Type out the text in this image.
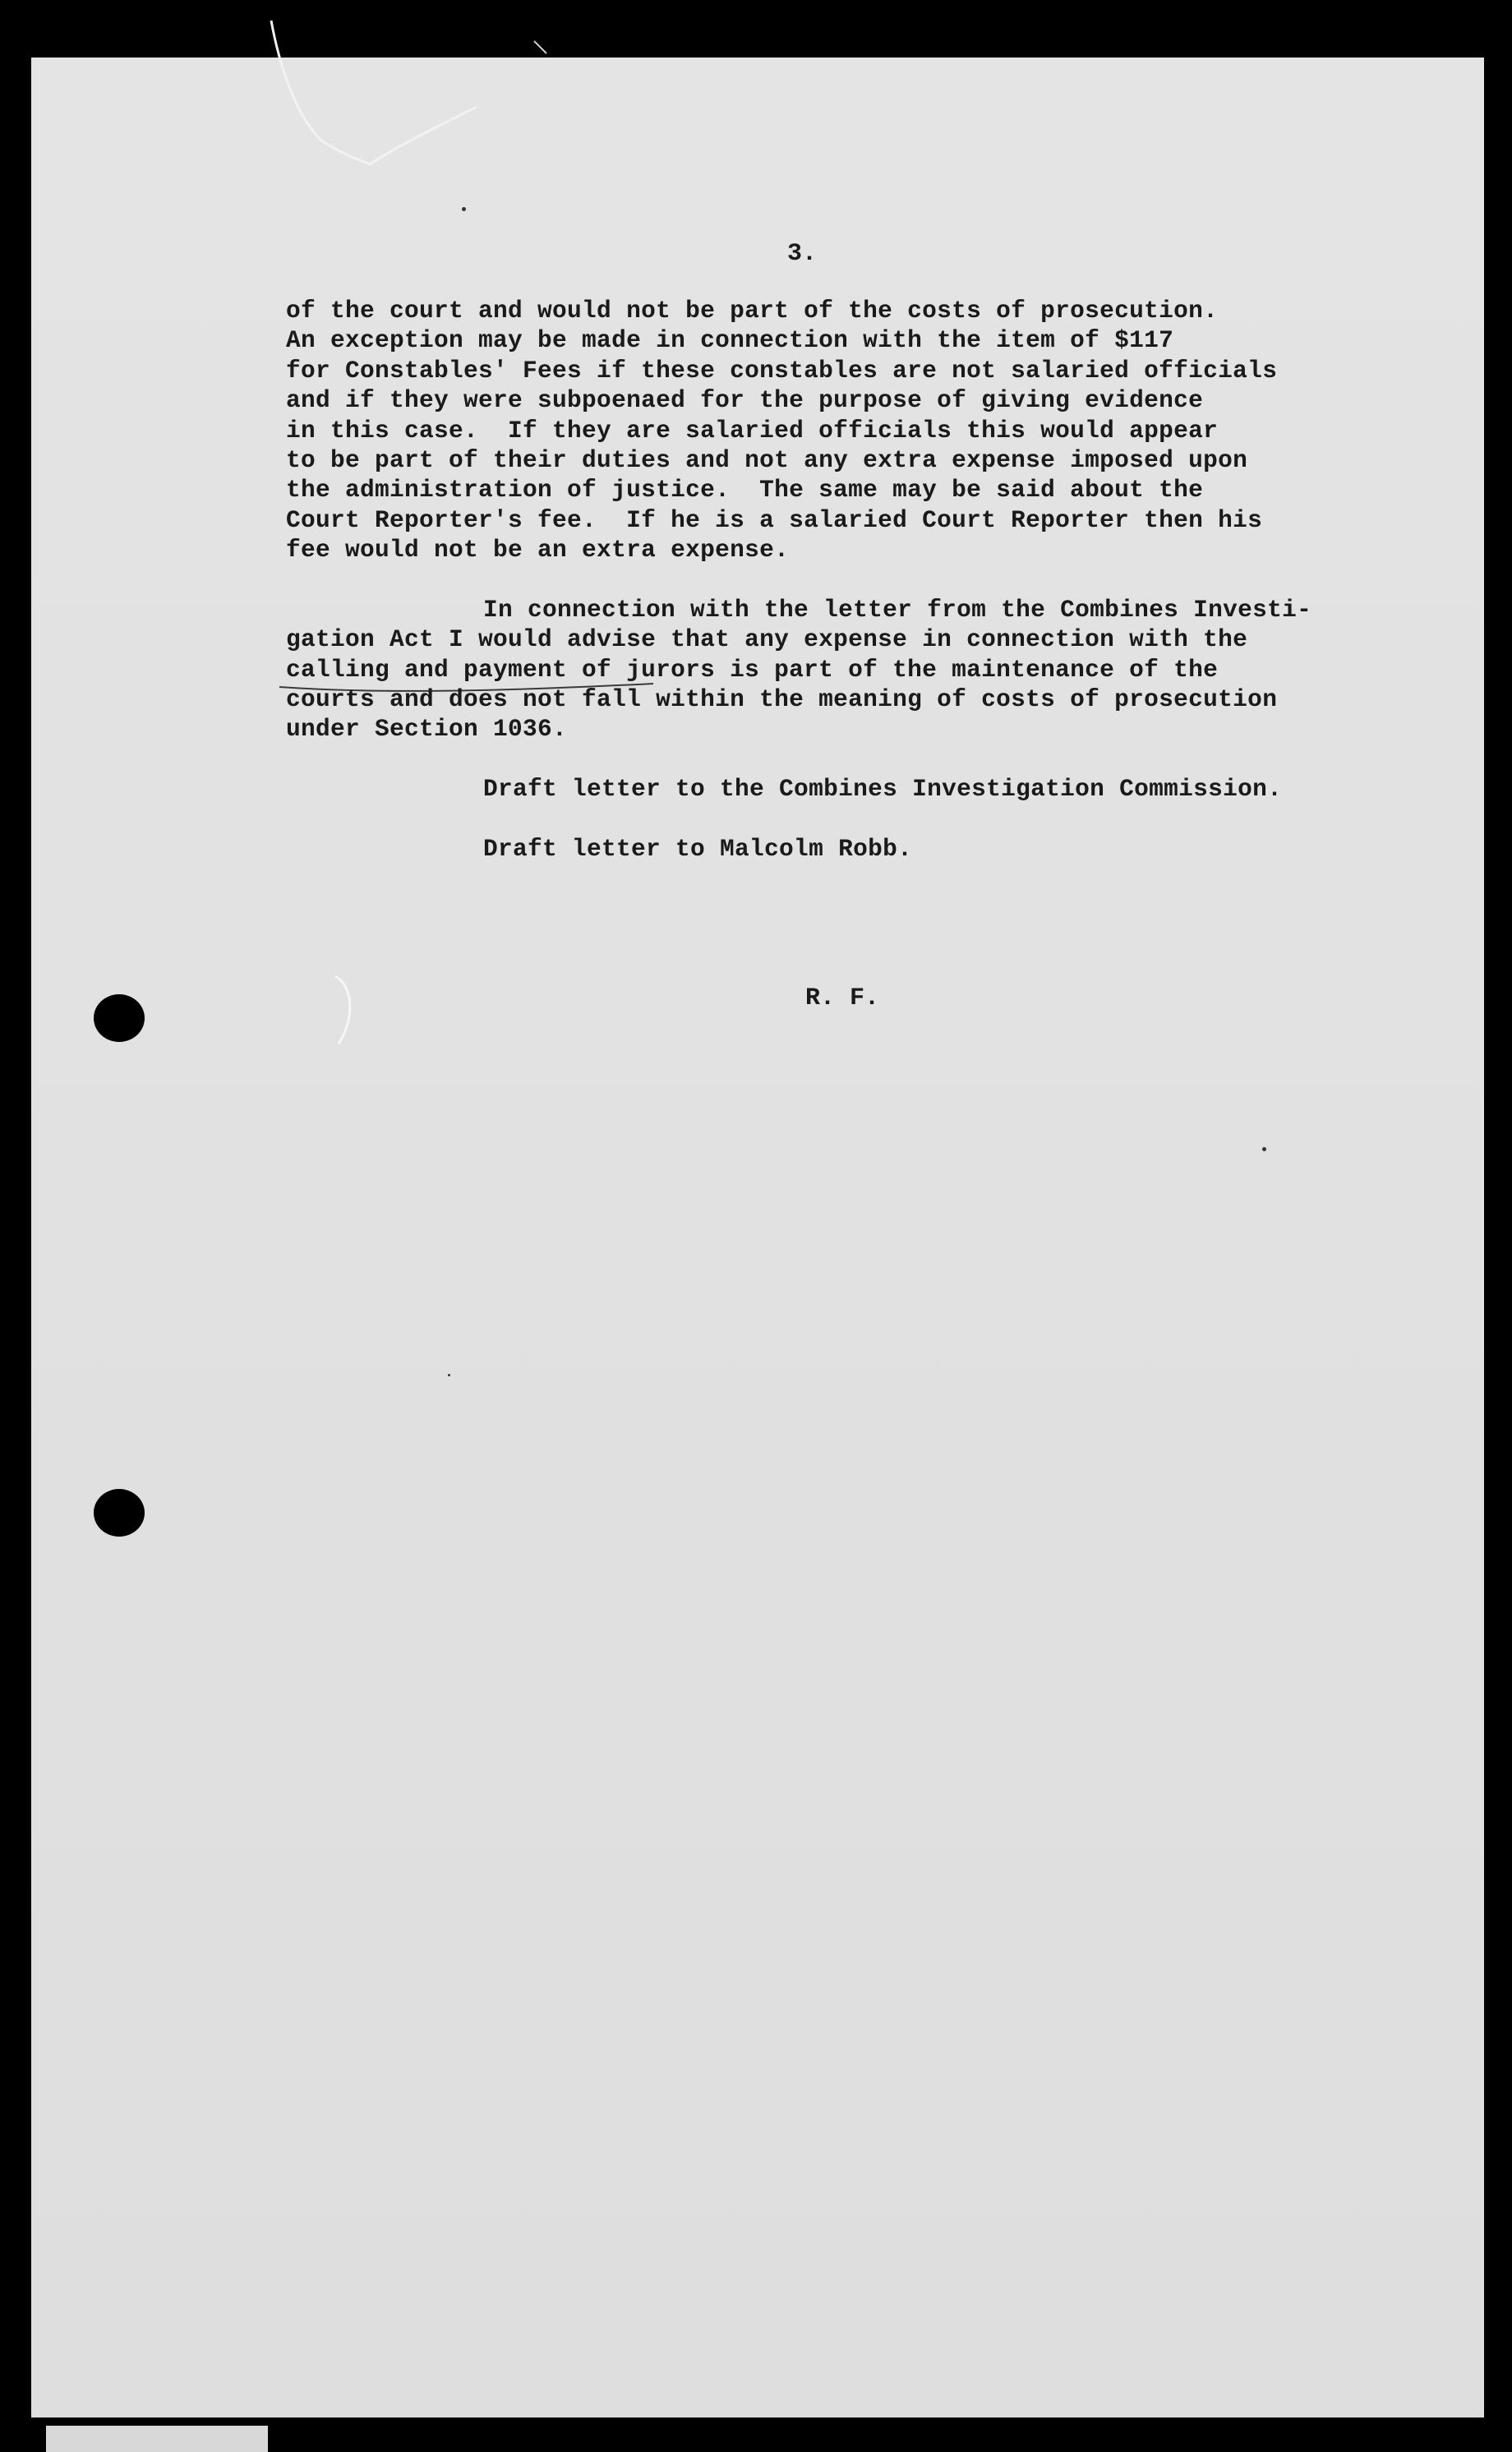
3.
of the court and would not be part of the costs of prosecution.
An exception may be made in connection with the item of $117
for Constables' Fees if these constables are not salaried officials
and if they were subpoenaed for the purpose of giving evidence
in this case.  If they are salaried officials this would appear
to be part of their duties and not any extra expense imposed upon
the administration of justice.  The same may be said about the
Court Reporter's fee.  If he is a salaried Court Reporter then his
fee would not be an extra expense.
In connection with the letter from the Combines Investi-
gation Act I would advise that any expense in connection with the
calling and payment of jurors is part of the maintenance of the
courts and does not fall within the meaning of costs of prosecution
under Section 1036.
Draft letter to the Combines Investigation Commission.
Draft letter to Malcolm Robb.
R. F.
